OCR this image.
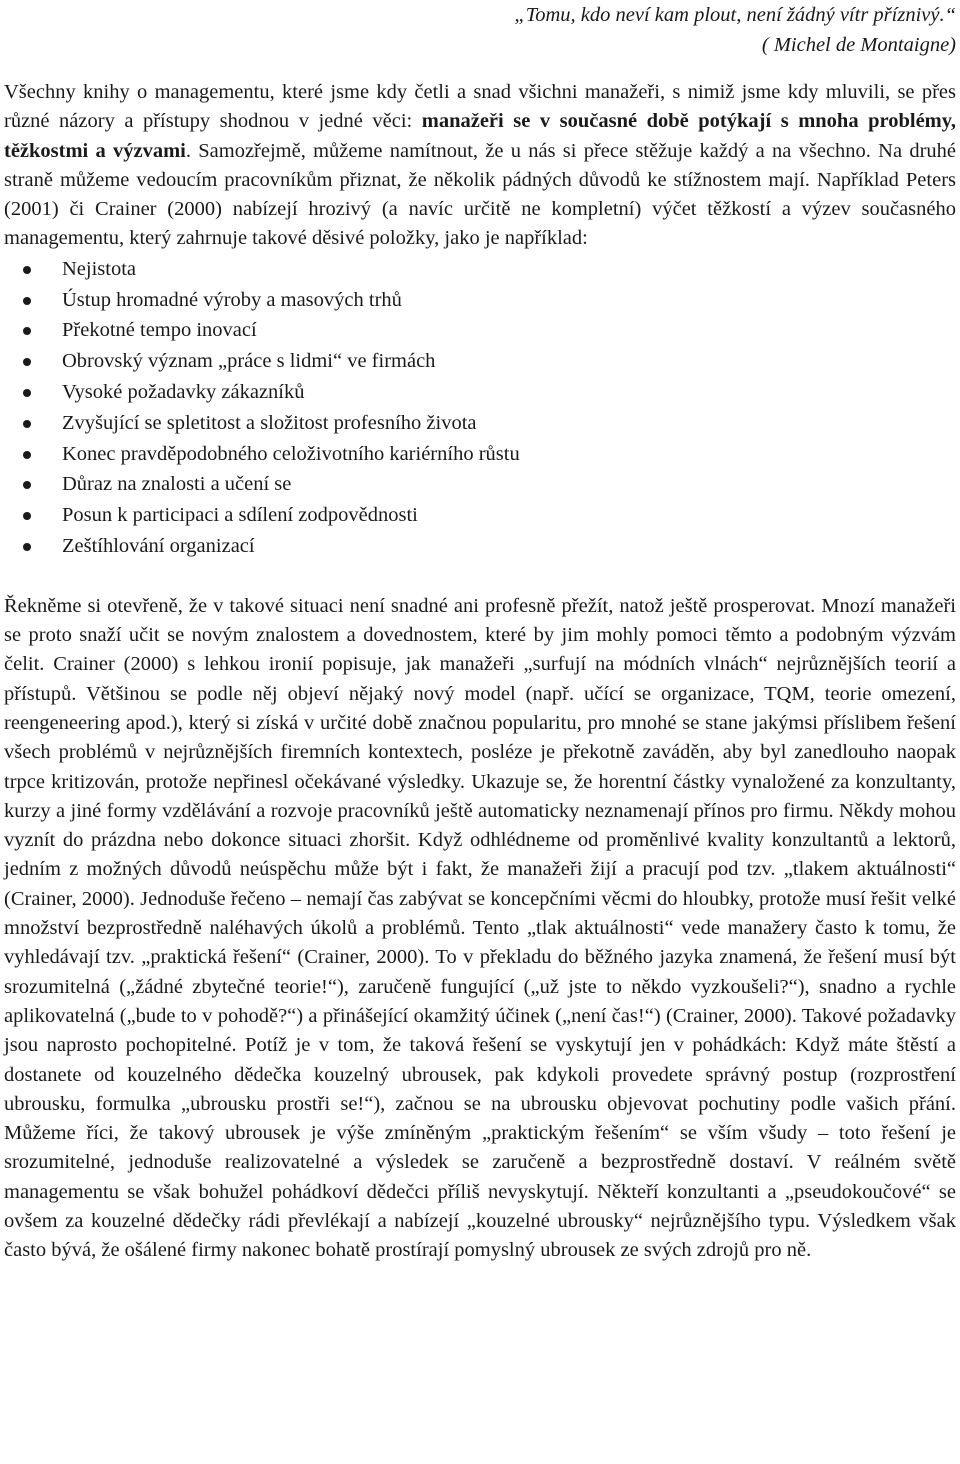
„Tomu, kdo neví kam plout, není žádný vítr příznivý.“
( Michel de Montaigne)

Všechny knihy o managementu, které jsme kdy četli a snad všichni manažeři, s nimiž jsme kdy mluvili, se přes různé názory a přístupy shodnou v jedné věci: manažeři se v současné době potýkají s mnoha problémy, těžkostmi a výzvami. Samozřejmě, můžeme namítnout, že u nás si přece stěžuje každý a na všechno. Na druhé straně můžeme vedoucím pracovníkům přiznat, že několik pádných důvodů ke stížnostem mají. Například Peters (2001) či Crainer (2000) nabízejí hrozivý (a navíc určitě ne kompletní) výčet těžkostí a výzev současného managementu, který zahrnuje takové děsivé položky, jako je například:

Nejistota
Ústup hromadné výroby a masových trhů
Překotné tempo inovací
Obrovský význam „práce s lidmi“ ve firmách
Vysoké požadavky zákazníků
Zvyšující se spletitost a složitost profesního života
Konec pravděpodobného celoživotního kariérního růstu
Důraz na znalosti a učení se
Posun k participaci a sdílení zodpovědnosti
Zeštíhlování organizací

Řekněme si otevřeně, že v takové situaci není snadné ani profesně přežít, natož ještě prosperovat. Mnozí manažeři se proto snaží učit se novým znalostem a dovednostem, které by jim mohly pomoci těmto a podobným výzvám čelit. Crainer (2000) s lehkou ironií popisuje, jak manažeři „surfují na módních vlnách“ nejrůznějších teorií a přístupů. Většinou se podle něj objeví nějaký nový model (např. učící se organizace, TQM, teorie omezení, reengeneering apod.), který si získá v určité době značnou popularitu, pro mnohé se stane jakýmsi příslibem řešení všech problémů v nejrůznějších firemních kontextech, posléze je překotně zaváděn, aby byl zanedlouho naopak trpce kritizován, protože nepřinesl očekávané výsledky. Ukazuje se, že horentní částky vynaložené za konzultanty, kurzy a jiné formy vzdělávání a rozvoje pracovníků ještě automaticky neznamenají přínos pro firmu. Někdy mohou vyznít do prázdna nebo dokonce situaci zhoršit. Když odhlédneme od proměnlivé kvality konzultantů a lektorů, jedním z možných důvodů neúspěchu může být i fakt, že manažeři žijí a pracují pod tzv. „tlakem aktuálnosti“ (Crainer, 2000). Jednoduše řečeno – nemají čas zabývat se koncepčními věcmi do hloubky, protože musí řešit velké množství bezprostředně naléhavých úkolů a problémů. Tento „tlak aktuálnosti“ vede manažery často k tomu, že vyhledávají tzv. „praktická řešení“ (Crainer, 2000). To v překladu do běžného jazyka znamená, že řešení musí být srozumitelná („žádné zbytečné teorie!“), zaručeně fungující („už jste to někdo vyzkoušeli?“), snadno a rychle aplikovatelná („bude to v pohodě?“) a přinášející okamžitý účinek („není čas!“) (Crainer, 2000). Takové požadavky jsou naprosto pochopitelné. Potíž je v tom, že taková řešení se vyskytují jen v pohádkách: Když máte štěstí a dostanete od kouzelného dědečka kouzelný ubrousek, pak kdykoli provedete správný postup (rozprostření ubrousku, formulka „ubrousku prostři se!“), začnou se na ubrousku objevovat pochutiny podle vašich přání. Můžeme říci, že takový ubrousek je výše zmíněným „praktickým řešením“ se vším všudy – toto řešení je srozumitelné, jednoduše realizovatelné a výsledek se zaručeně a bezprostředně dostaví. V reálném světě managementu se však bohužel pohádkoví dědečci příliš nevyskytují. Někteří konzultanti a „pseudokoučové“ se ovšem za kouzelné dědečky rádi převlékají a nabízejí „kouzelné ubrousky“ nejrůznějšího typu. Výsledkem však často bývá, že ošálené firmy nakonec bohatě prostírají pomyslný ubrousek ze svých zdrojů pro ně.
